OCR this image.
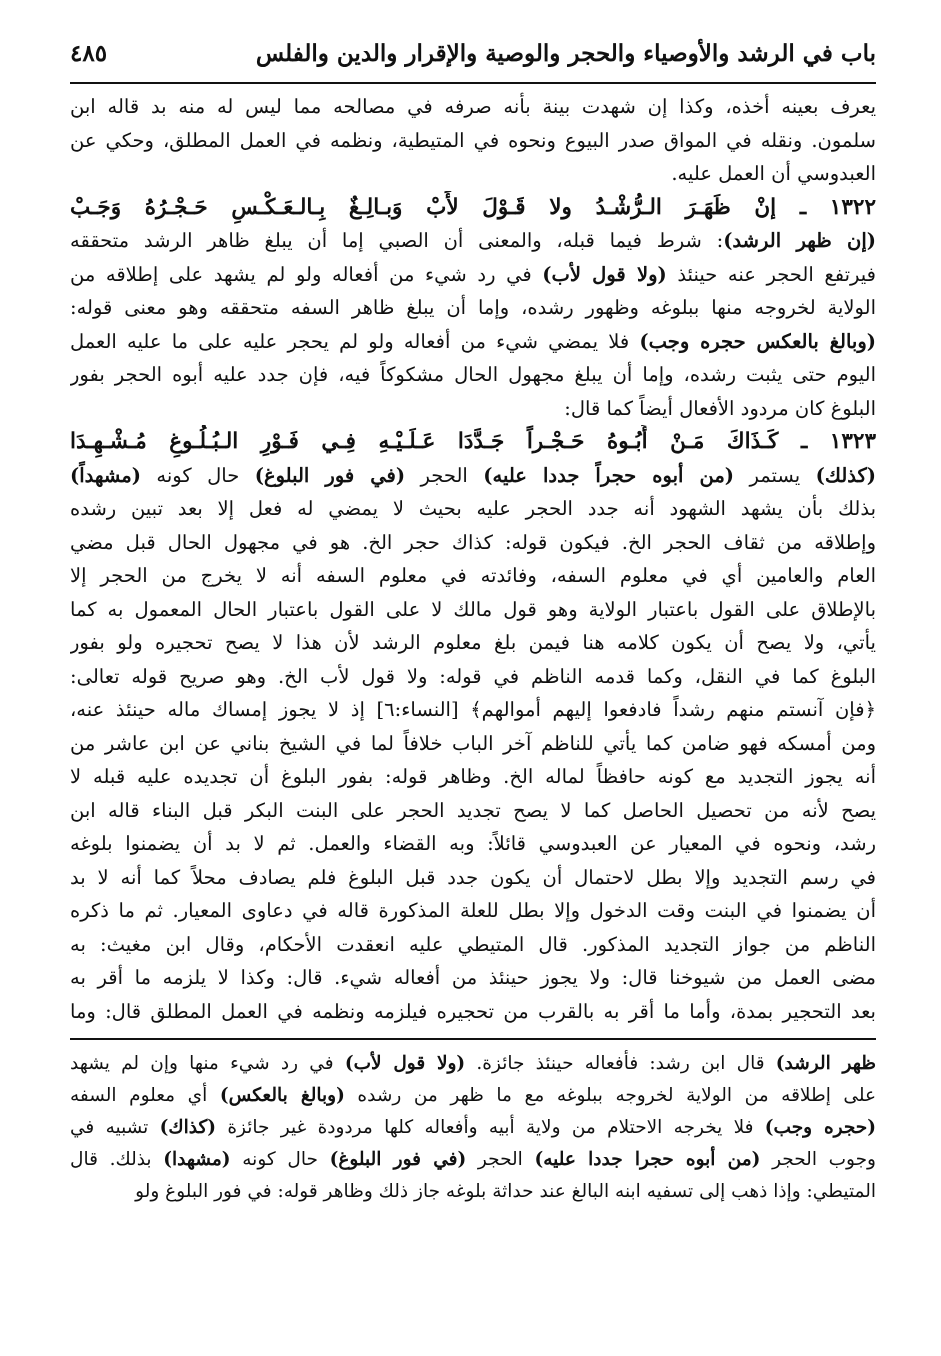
باب في الرشد والأوصياء والحجر والوصية والإقرار والدين والفلس
٤٨٥
يعرف بعينه أخذه، وكذا إن شهدت بينة بأنه صرفه في مصالحه مما ليس له منه بد قاله ابن
سلمون. ونقله في المواق صدر البيوع ونحوه في المتيطية، ونظمه في العمل المطلق، وحكي عن
العبدوسي أن العمل عليه.
١٣٢٢ ـ إنْ ظَهَـرَ الـرُّشْـدُ ولا قَـوْلَ لأَبْ وَبـالِـغٌ بِـالـعَـكْـسِ حَـجْـرُهُ وَجَـبْ
(إن ظهر الرشد): شرط فيما قبله، والمعنى أن الصبي إما أن يبلغ ظاهر الرشد متحققه
فيرتفع الحجر عنه حينئذ (ولا قول لأب) في رد شيء من أفعاله ولو لم يشهد على إطلاقه من
الولاية لخروجه منها ببلوغه وظهور رشده، وإما أن يبلغ ظاهر السفه متحققه وهو معنى قوله:
(وبالغ بالعكس حجره وجب) فلا يمضي شيء من أفعاله ولو لم يحجر عليه على ما عليه العمل
اليوم حتى يثبت رشده، وإما أن يبلغ مجهول الحال مشكوكاً فيه، فإن جدد عليه أبوه الحجر بفور
البلوغ كان مردود الأفعال أيضاً كما قال:
١٣٢٣ ـ كَـذَاكَ مَـنْ أَبُـوهُ حَـجْـراً جَـدَّدَا عَـلَـيْـهِ فِـي فَـوْرِ الـبُـلُـوغِ مُـشْـهِـدَا
(كذلك) يستمر (من أبوه حجراً جددا عليه) الحجر (في فور البلوغ) حال كونه (مشهداً)
بذلك بأن يشهد الشهود أنه جدد الحجر عليه بحيث لا يمضي له فعل إلا بعد تبين رشده
وإطلاقه من ثقاف الحجر الخ. فيكون قوله: كذاك حجر الخ. هو في مجهول الحال قبل مضي
العام والعامين أي في معلوم السفه، وفائدته في معلوم السفه أنه لا يخرج من الحجر إلا
بالإطلاق على القول باعتبار الولاية وهو قول مالك لا على القول باعتبار الحال المعمول به كما
يأتي، ولا يصح أن يكون كلامه هنا فيمن بلغ معلوم الرشد لأن هذا لا يصح تحجيره ولو بفور
البلوغ كما في النقل، وكما قدمه الناظم في قوله: ولا قول لأب الخ. وهو صريح قوله تعالى:
﴿فإن آنستم منهم رشداً فادفعوا إليهم أموالهم﴾ [النساء:٦] إذ لا يجوز إمساك ماله حينئذ عنه،
ومن أمسكه فهو ضامن كما يأتي للناظم آخر الباب خلافاً لما في الشيخ بناني عن ابن عاشر من
أنه يجوز التجديد مع كونه حافظاً لماله الخ. وظاهر قوله: بفور البلوغ أن تجديده عليه قبله لا
يصح لأنه من تحصيل الحاصل كما لا يصح تجديد الحجر على البنت البكر قبل البناء قاله ابن
رشد، ونحوه في المعيار عن العبدوسي قائلاً: وبه القضاء والعمل. ثم لا بد أن يضمنوا بلوغه
في رسم التجديد وإلا بطل لاحتمال أن يكون جدد قبل البلوغ فلم يصادف محلاً كما أنه لا بد
أن يضمنوا في البنت وقت الدخول وإلا بطل للعلة المذكورة قاله في دعاوى المعيار. ثم ما ذكره
الناظم من جواز التجديد المذكور. قال المتيطي عليه انعقدت الأحكام، وقال ابن مغيث: به
مضى العمل من شيوخنا قال: ولا يجوز حينئذ من أفعاله شيء. قال: وكذا لا يلزمه ما أقر به
بعد التحجير بمدة، وأما ما أقر به بالقرب من تحجيره فيلزمه ونظمه في العمل المطلق قال: وما
ظهر الرشد) قال ابن رشد: فأفعاله حينئذ جائزة. (ولا قول لأب) في رد شيء منها وإن لم يشهد
على إطلاقه من الولاية لخروجه ببلوغه مع ما ظهر من رشده (وبالغ بالعكس) أي معلوم السفه
(حجره وجب) فلا يخرجه الاحتلام من ولاية أبيه وأفعاله كلها مردودة غير جائزة (كذاك) تشبيه في
وجوب الحجر (من أبوه حجرا جددا عليه) الحجر (في فور البلوغ) حال كونه (مشهدا) بذلك. قال
المتيطي: وإذا ذهب إلى تسفيه ابنه البالغ عند حداثة بلوغه جاز ذلك وظاهر قوله: في فور البلوغ ولو
